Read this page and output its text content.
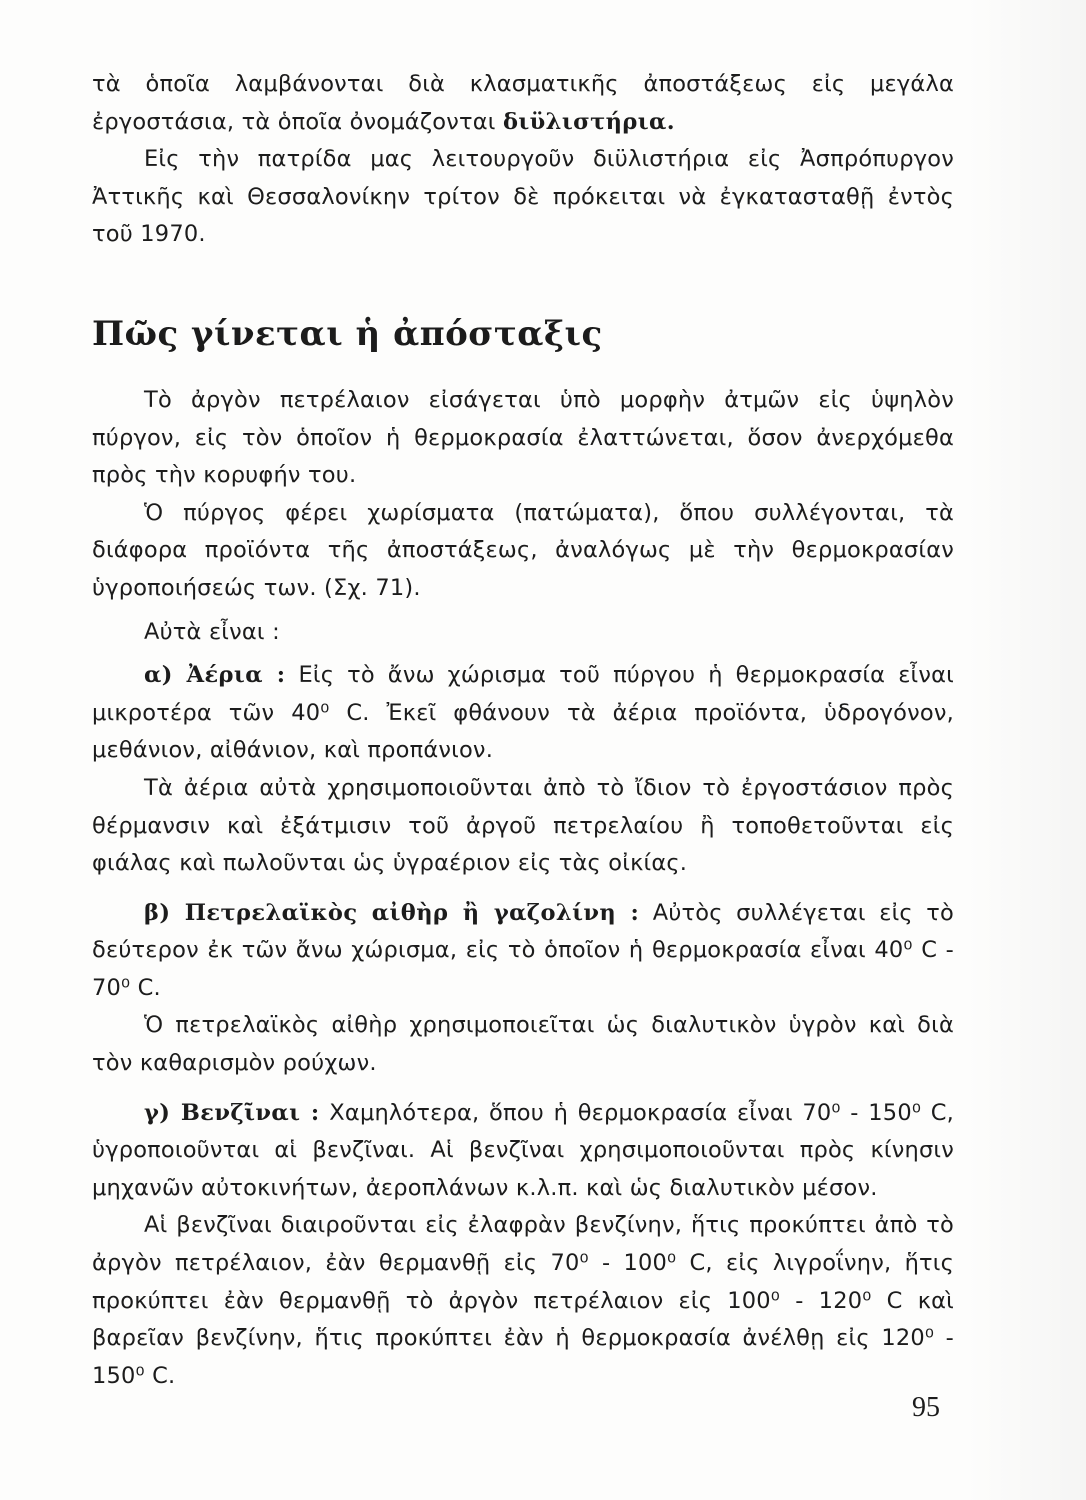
τὰ ὁποῖα λαμβάνονται διὰ κλασματικῆς ἀποστάξεως εἰς μεγάλα ἐργοστάσια, τὰ ὁποῖα ὀνομάζονται διϋλιστήρια.

Εἰς τὴν πατρίδα μας λειτουργοῦν διϋλιστήρια εἰς Ἀσπρόπυργον Ἀττικῆς καὶ Θεσσαλονίκην τρίτον δὲ πρόκειται νὰ ἐγκατασταθῇ ἐντὸς τοῦ 1970.

Πῶς γίνεται ἡ ἀπόσταξις

Τὸ ἀργὸν πετρέλαιον εἰσάγεται ὑπὸ μορφὴν ἀτμῶν εἰς ὑψηλὸν πύργον, εἰς τὸν ὁποῖον ἡ θερμοκρασία ἐλαττώνεται, ὅσον ἀνερχόμεθα πρὸς τὴν κορυφήν του.

Ὁ πύργος φέρει χωρίσματα (πατώματα), ὅπου συλλέγονται, τὰ διάφορα προϊόντα τῆς ἀποστάξεως, ἀναλόγως μὲ τὴν θερμοκρασίαν ὑγροποιήσεώς των. (Σχ. 71).

Αὐτὰ εἶναι :

α) Ἀέρια : Εἰς τὸ ἄνω χώρισμα τοῦ πύργου ἡ θερμοκρασία εἶναι μικροτέρα τῶν 40⁰ C. Ἐκεῖ φθάνουν τὰ ἀέρια προϊόντα, ὑδρογόνον, μεθάνιον, αἰθάνιον, καὶ προπάνιον.

Τὰ ἀέρια αὐτὰ χρησιμοποιοῦνται ἀπὸ τὸ ἴδιον τὸ ἐργοστάσιον πρὸς θέρμανσιν καὶ ἐξάτμισιν τοῦ ἀργοῦ πετρελαίου ἢ τοποθετοῦνται εἰς φιάλας καὶ πωλοῦνται ὡς ὑγραέριον εἰς τὰς οἰκίας.

β) Πετρελαϊκὸς αἰθὴρ ἢ γαζολίνη : Αὐτὸς συλλέγεται εἰς τὸ δεύτερον ἐκ τῶν ἄνω χώρισμα, εἰς τὸ ὁποῖον ἡ θερμοκρασία εἶναι 40⁰ C - 70⁰ C.

Ὁ πετρελαϊκὸς αἰθὴρ χρησιμοποιεῖται ὡς διαλυτικὸν ὑγρὸν καὶ διὰ τὸν καθαρισμὸν ρούχων.

γ) Βενζῖναι : Χαμηλότερα, ὅπου ἡ θερμοκρασία εἶναι 70⁰ - 150⁰ C, ὑγροποιοῦνται αἱ βενζῖναι. Αἱ βενζῖναι χρησιμοποιοῦνται πρὸς κίνησιν μηχανῶν αὐτοκινήτων, ἀεροπλάνων κ.λ.π. καὶ ὡς διαλυτικὸν μέσον.

Αἱ βενζῖναι διαιροῦνται εἰς ἐλαφρὰν βενζίνην, ἥτις προκύπτει ἀπὸ τὸ ἀργὸν πετρέλαιον, ἐὰν θερμανθῇ εἰς 70⁰ - 100⁰ C, εἰς λιγροΐνην, ἥτις προκύπτει ἐὰν θερμανθῇ τὸ ἀργὸν πετρέλαιον εἰς 100⁰ - 120⁰ C καὶ βαρεῖαν βενζίνην, ἥτις προκύπτει ἐὰν ἡ θερμοκρασία ἀνέλθῃ εἰς 120⁰ - 150⁰ C.

95
